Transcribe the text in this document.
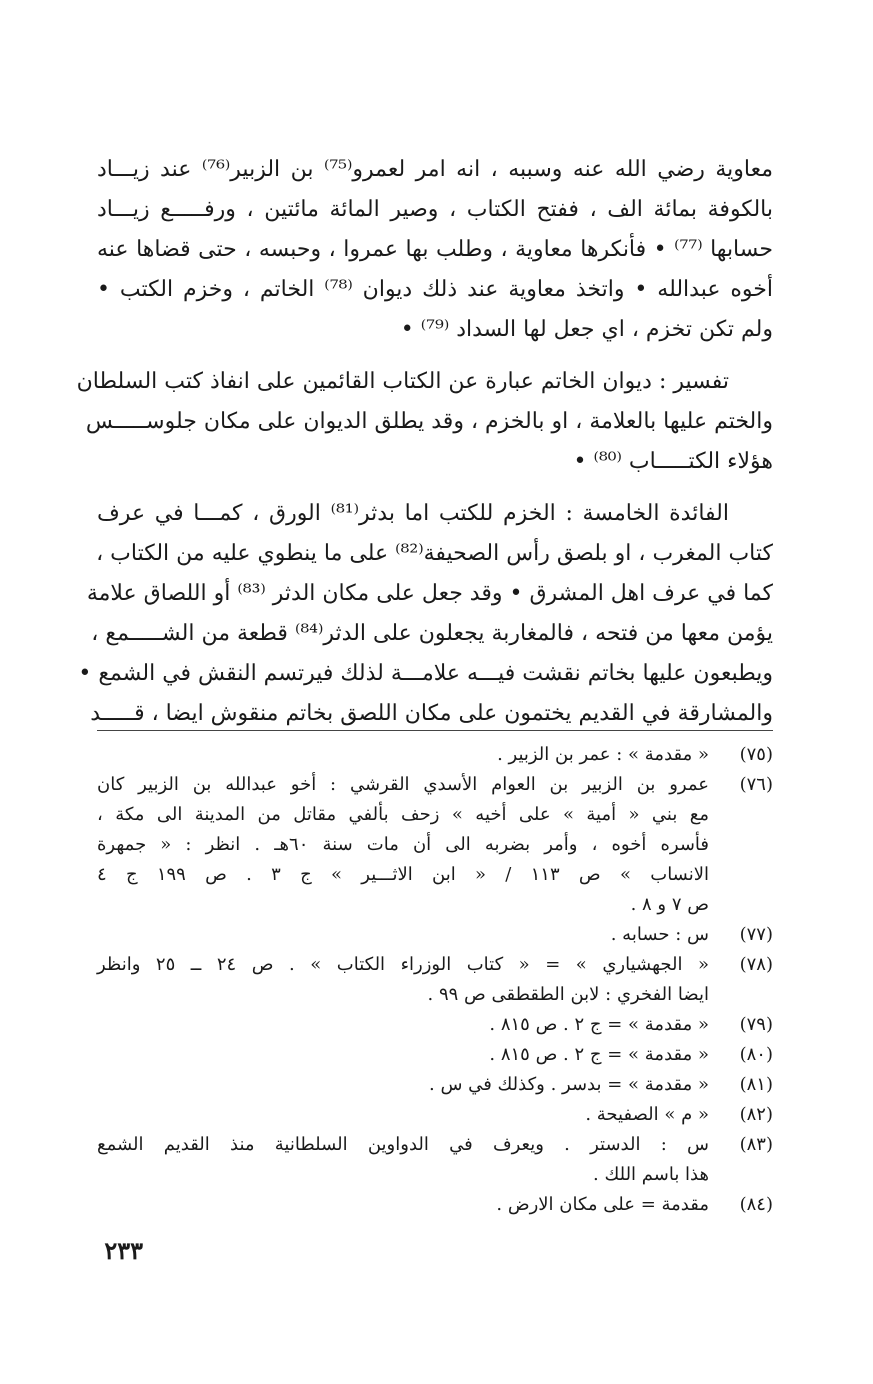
معاوية رضي الله عنه وسببه ، انه امر لعمرو⁽⁷⁵⁾ بن الزبير⁽⁷⁶⁾ عند زيـــاد
بالكوفة بمائة الف ، ففتح الكتاب ، وصير المائة مائتين ، ورفـــــع زيـــاد
حسابها ⁽⁷⁷⁾ • فأنكرها معاوية ، وطلب بها عمروا ، وحبسه ، حتى قضاها عنه
أخوه عبدالله • واتخذ معاوية عند ذلك ديوان ⁽⁷⁸⁾ الخاتم ، وخزم الكتب •
ولم تكن تخزم ، اي جعل لها السداد ⁽⁷⁹⁾ •

تفسير : ديوان الخاتم عبارة عن الكتاب القائمين على انفاذ كتب السلطان
والختم عليها بالعلامة ، او بالخزم ، وقد يطلق الديوان على مكان جلوســـــس
هؤلاء الكتـــــاب ⁽⁸⁰⁾ •

الفائدة الخامسة : الخزم للكتب اما بدثر⁽⁸¹⁾ الورق ، كمـــا في عرف
كتاب المغرب ، او بلصق رأس الصحيفة⁽⁸²⁾ على ما ينطوي عليه من الكتاب ،
كما في عرف اهل المشرق • وقد جعل على مكان الدثر ⁽⁸³⁾ أو اللصاق علامة
يؤمن معها من فتحه ، فالمغاربة يجعلون على الدثر⁽⁸⁴⁾ قطعة من الشـــــمع ،
ويطبعون عليها بخاتم نقشت فيـــه علامـــة لذلك فيرتسم النقش في الشمع •
والمشارقة في القديم يختمون على مكان اللصق بخاتم منقوش ايضا ، قـــــد

(٧٥)
« مقدمة » : عمر بن الزبير .
(٧٦)
عمرو بن الزبير بن العوام الأسدي القرشي : أخو عبدالله بن الزبير كان
مع بني « أمية » على أخيه » زحف بألفي مقاتل من المدينة الى مكة ،
فأسره أخوه ، وأمر بضربه الى أن مات سنة ٦٠هـ . انظر : « جمهرة
الانساب » ص ١١٣ / « ابن الاثـــير » ج ٣ . ص ١٩٩ ج ٤
ص ٧ و ٨ .
(٧٧)
س : حسابه .
(٧٨)
« الجهشياري » = « كتاب الوزراء الكتاب » . ص ٢٤ ــ ٢٥ وانظر
ايضا الفخري : لابن الطقطقى ص ٩٩ .
(٧٩)
« مقدمة » = ج ٢ . ص ٨١٥ .
(٨٠)
« مقدمة » = ج ٢ . ص ٨١٥ .
(٨١)
« مقدمة » = بدسر . وكذلك في س .
(٨٢)
« م » الصفيحة .
(٨٣)
س : الدستر . ويعرف في الدواوين السلطانية منذ القديم الشمع
هذا باسم اللك .
(٨٤)
مقدمة = على مكان الارض .
٢٣٣
